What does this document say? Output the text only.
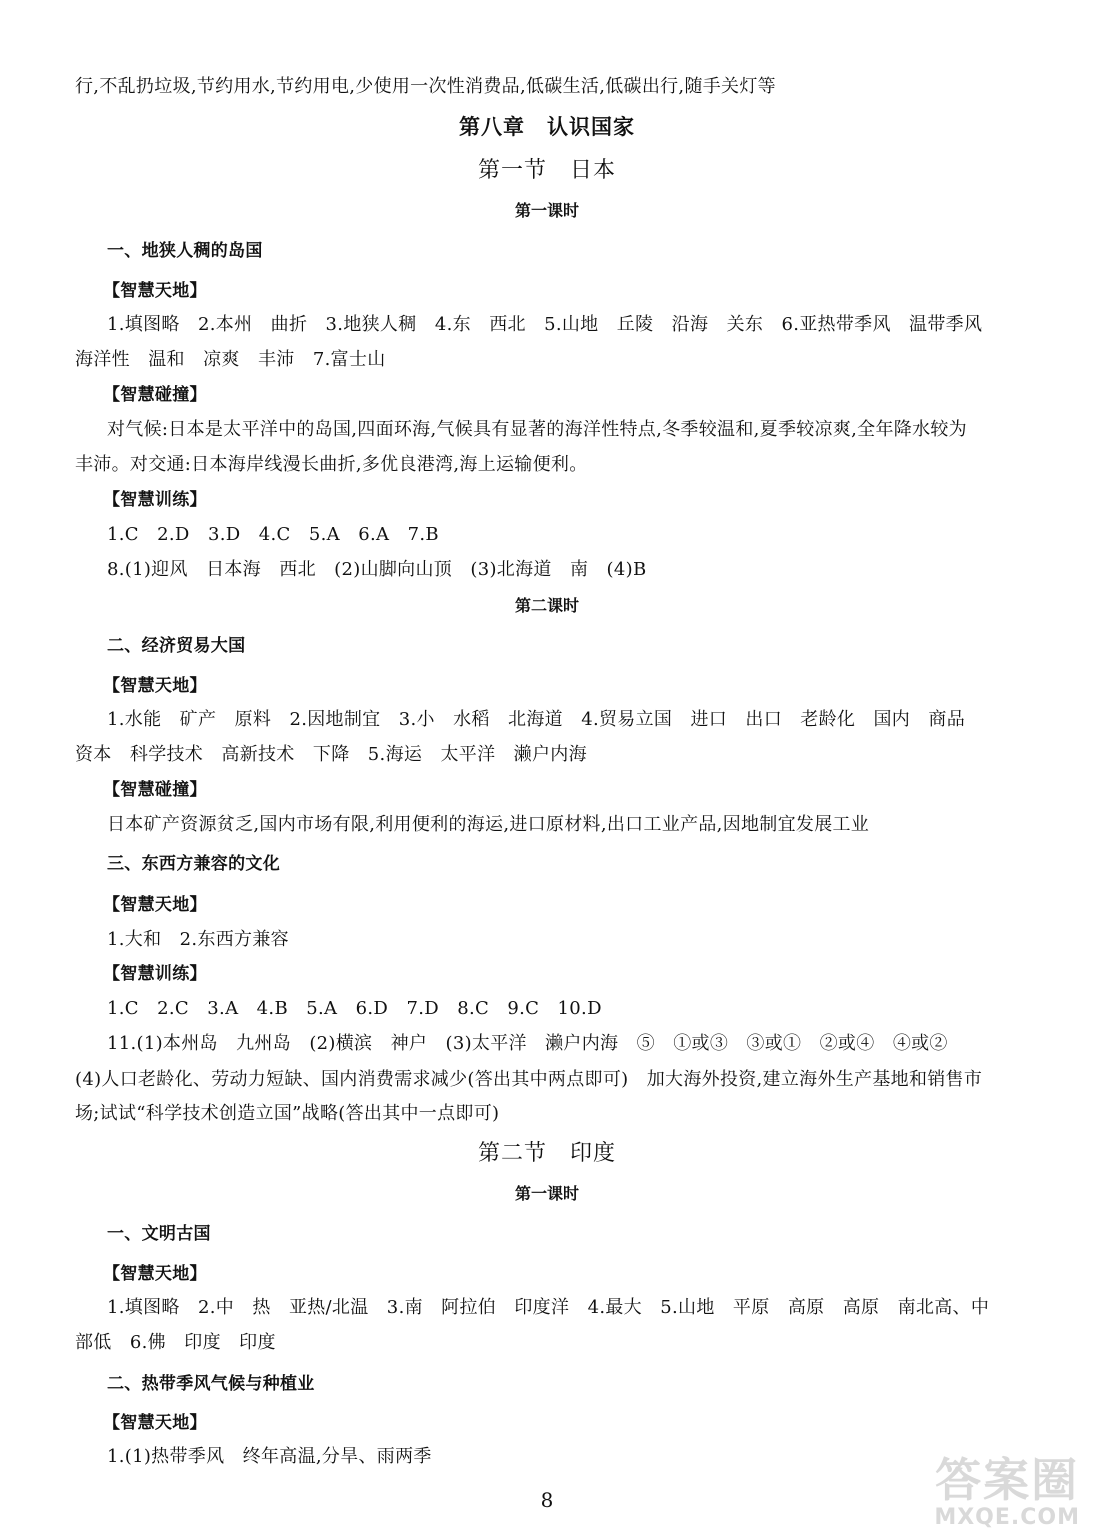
行,不乱扔垃圾,节约用水,节约用电,少使用一次性消费品,低碳生活,低碳出行,随手关灯等
第八章　认识国家
第一节　日本
第一课时
一、地狭人稠的岛国
【智慧天地】
1.填图略　2.本州　曲折　3.地狭人稠　4.东　西北　5.山地　丘陵　沿海　关东　6.亚热带季风　温带季风
海洋性　温和　凉爽　丰沛　7.富士山
【智慧碰撞】
对气候:日本是太平洋中的岛国,四面环海,气候具有显著的海洋性特点,冬季较温和,夏季较凉爽,全年降水较为
丰沛。对交通:日本海岸线漫长曲折,多优良港湾,海上运输便利。
【智慧训练】
1.C　2.D　3.D　4.C　5.A　6.A　7.B
8.(1)迎风　日本海　西北　(2)山脚向山顶　(3)北海道　南　(4)B
第二课时
二、经济贸易大国
【智慧天地】
1.水能　矿产　原料　2.因地制宜　3.小　水稻　北海道　4.贸易立国　进口　出口　老龄化　国内　商品
资本　科学技术　高新技术　下降　5.海运　太平洋　濑户内海
【智慧碰撞】
日本矿产资源贫乏,国内市场有限,利用便利的海运,进口原材料,出口工业产品,因地制宜发展工业
三、东西方兼容的文化
【智慧天地】
1.大和　2.东西方兼容
【智慧训练】
1.C　2.C　3.A　4.B　5.A　6.D　7.D　8.C　9.C　10.D
11.(1)本州岛　九州岛　(2)横滨　神户　(3)太平洋　濑户内海　⑤　①或③　③或①　②或④　④或②
(4)人口老龄化、劳动力短缺、国内消费需求减少(答出其中两点即可)　加大海外投资,建立海外生产基地和销售市
场;试试“科学技术创造立国”战略(答出其中一点即可)
第二节　印度
第一课时
一、文明古国
【智慧天地】
1.填图略　2.中　热　亚热/北温　3.南　阿拉伯　印度洋　4.最大　5.山地　平原　高原　高原　南北高、中
部低　6.佛　印度　印度
二、热带季风气候与种植业
【智慧天地】
1.(1)热带季风　终年高温,分旱、雨两季
8	答案圈
MXQE.COM
